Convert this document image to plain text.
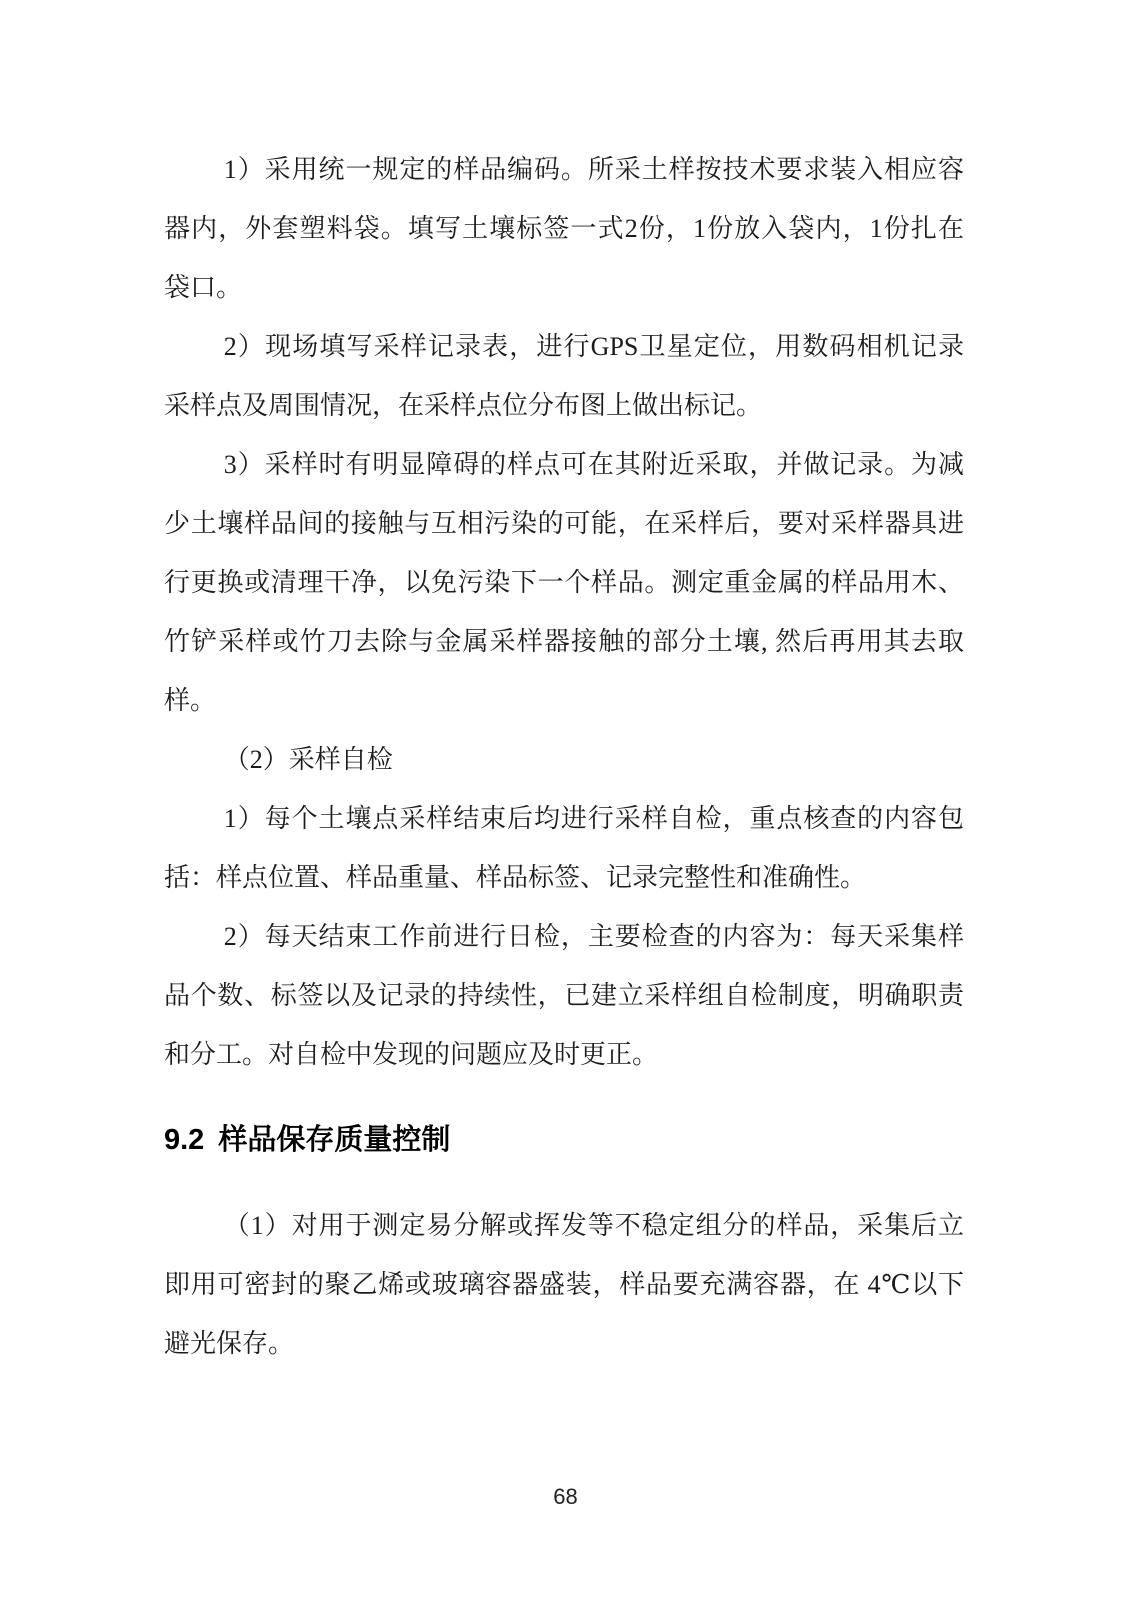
1）采用统一规定的样品编码。所采土样按技术要求装入相应容
器内，外套塑料袋。填写土壤标签一式2份，1份放入袋内，1份扎在
袋口。
2）现场填写采样记录表，进行GPS卫星定位，用数码相机记录
采样点及周围情况，在采样点位分布图上做出标记。
3）采样时有明显障碍的样点可在其附近采取，并做记录。为减
少土壤样品间的接触与互相污染的可能，在采样后，要对采样器具进
行更换或清理干净，以免污染下一个样品。测定重金属的样品用木、
竹铲采样或竹刀去除与金属采样器接触的部分土壤, 然后再用其去取
样。
（2）采样自检
1）每个土壤点采样结束后均进行采样自检，重点核查的内容包
括：样点位置、样品重量、样品标签、记录完整性和准确性。
2）每天结束工作前进行日检，主要检查的内容为：每天采集样
品个数、标签以及记录的持续性，已建立采样组自检制度，明确职责
和分工。对自检中发现的问题应及时更正。
9.2 样品保存质量控制
（1）对用于测定易分解或挥发等不稳定组分的样品，采集后立
即用可密封的聚乙烯或玻璃容器盛装，样品要充满容器，在 4℃以下
避光保存。
68
